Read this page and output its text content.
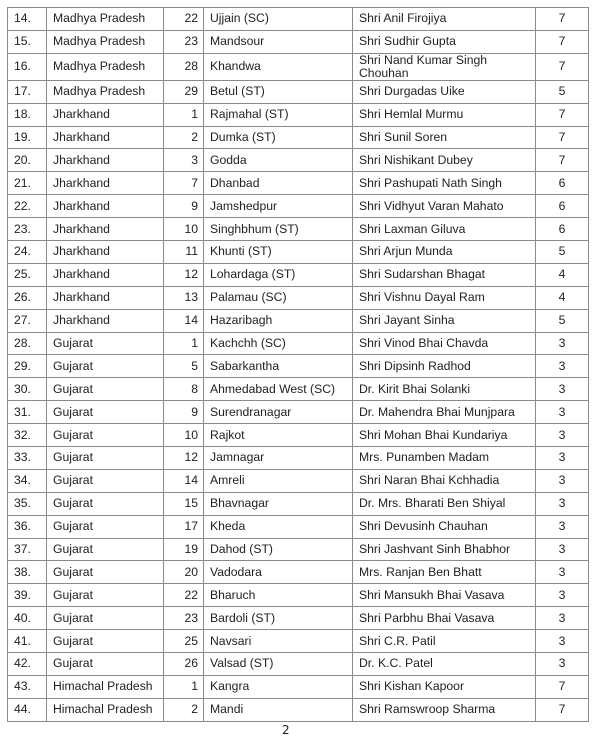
14.	Madhya Pradesh	22	Ujjain (SC)	Shri Anil Firojiya	7
15.	Madhya Pradesh	23	Mandsour	Shri Sudhir Gupta	7
16.	Madhya Pradesh	28	Khandwa	Shri Nand Kumar Singh Chouhan	7
17.	Madhya Pradesh	29	Betul (ST)	Shri Durgadas Uike	5
18.	Jharkhand	1	Rajmahal (ST)	Shri Hemlal Murmu	7
19.	Jharkhand	2	Dumka (ST)	Shri Sunil Soren	7
20.	Jharkhand	3	Godda	Shri Nishikant Dubey	7
21.	Jharkhand	7	Dhanbad	Shri Pashupati Nath Singh	6
22.	Jharkhand	9	Jamshedpur	Shri Vidhyut Varan Mahato	6
23.	Jharkhand	10	Singhbhum (ST)	Shri Laxman Giluva	6
24.	Jharkhand	11	Khunti (ST)	Shri Arjun Munda	5
25.	Jharkhand	12	Lohardaga (ST)	Shri Sudarshan Bhagat	4
26.	Jharkhand	13	Palamau (SC)	Shri Vishnu Dayal Ram	4
27.	Jharkhand	14	Hazaribagh	Shri Jayant Sinha	5
28.	Gujarat	1	Kachchh (SC)	Shri Vinod Bhai Chavda	3
29.	Gujarat	5	Sabarkantha	Shri Dipsinh Radhod	3
30.	Gujarat	8	Ahmedabad West (SC)	Dr. Kirit Bhai Solanki	3
31.	Gujarat	9	Surendranagar	Dr. Mahendra Bhai Munjpara	3
32.	Gujarat	10	Rajkot	Shri Mohan Bhai Kundariya	3
33.	Gujarat	12	Jamnagar	Mrs. Punamben Madam	3
34.	Gujarat	14	Amreli	Shri Naran Bhai Kchhadia	3
35.	Gujarat	15	Bhavnagar	Dr. Mrs. Bharati Ben Shiyal	3
36.	Gujarat	17	Kheda	Shri Devusinh Chauhan	3
37.	Gujarat	19	Dahod (ST)	Shri Jashvant Sinh Bhabhor	3
38.	Gujarat	20	Vadodara	Mrs. Ranjan Ben Bhatt	3
39.	Gujarat	22	Bharuch	Shri Mansukh Bhai Vasava	3
40.	Gujarat	23	Bardoli (ST)	Shri Parbhu Bhai Vasava	3
41.	Gujarat	25	Navsari	Shri C.R. Patil	3
42.	Gujarat	26	Valsad (ST)	Dr. K.C. Patel	3
43.	Himachal Pradesh	1	Kangra	Shri Kishan Kapoor	7
44.	Himachal Pradesh	2	Mandi	Shri Ramswroop Sharma	7
2
